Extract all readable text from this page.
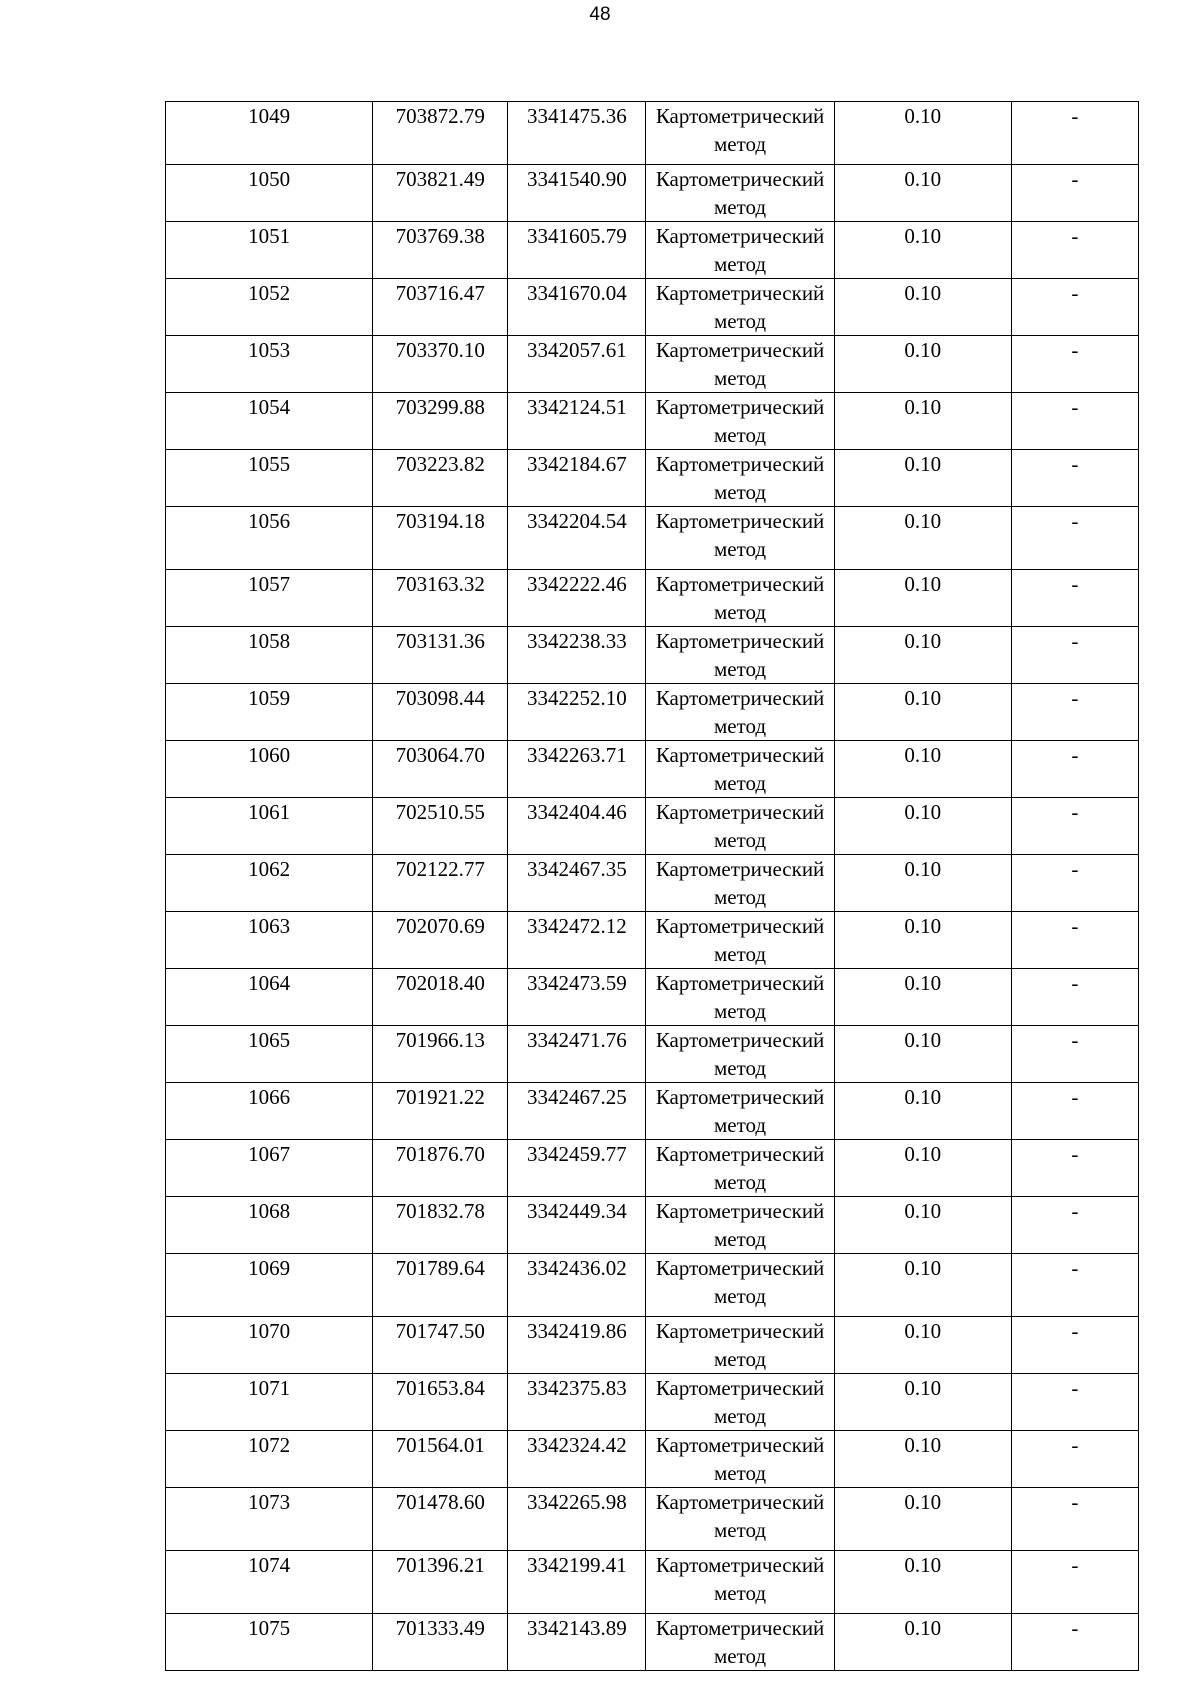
48
1049	703872.79	3341475.36	Картометрический метод	0.10	-
1050	703821.49	3341540.90	Картометрический метод	0.10	-
1051	703769.38	3341605.79	Картометрический метод	0.10	-
1052	703716.47	3341670.04	Картометрический метод	0.10	-
1053	703370.10	3342057.61	Картометрический метод	0.10	-
1054	703299.88	3342124.51	Картометрический метод	0.10	-
1055	703223.82	3342184.67	Картометрический метод	0.10	-
1056	703194.18	3342204.54	Картометрический метод	0.10	-
1057	703163.32	3342222.46	Картометрический метод	0.10	-
1058	703131.36	3342238.33	Картометрический метод	0.10	-
1059	703098.44	3342252.10	Картометрический метод	0.10	-
1060	703064.70	3342263.71	Картометрический метод	0.10	-
1061	702510.55	3342404.46	Картометрический метод	0.10	-
1062	702122.77	3342467.35	Картометрический метод	0.10	-
1063	702070.69	3342472.12	Картометрический метод	0.10	-
1064	702018.40	3342473.59	Картометрический метод	0.10	-
1065	701966.13	3342471.76	Картометрический метод	0.10	-
1066	701921.22	3342467.25	Картометрический метод	0.10	-
1067	701876.70	3342459.77	Картометрический метод	0.10	-
1068	701832.78	3342449.34	Картометрический метод	0.10	-
1069	701789.64	3342436.02	Картометрический метод	0.10	-
1070	701747.50	3342419.86	Картометрический метод	0.10	-
1071	701653.84	3342375.83	Картометрический метод	0.10	-
1072	701564.01	3342324.42	Картометрический метод	0.10	-
1073	701478.60	3342265.98	Картометрический метод	0.10	-
1074	701396.21	3342199.41	Картометрический метод	0.10	-
1075	701333.49	3342143.89	Картометрический метод	0.10	-
